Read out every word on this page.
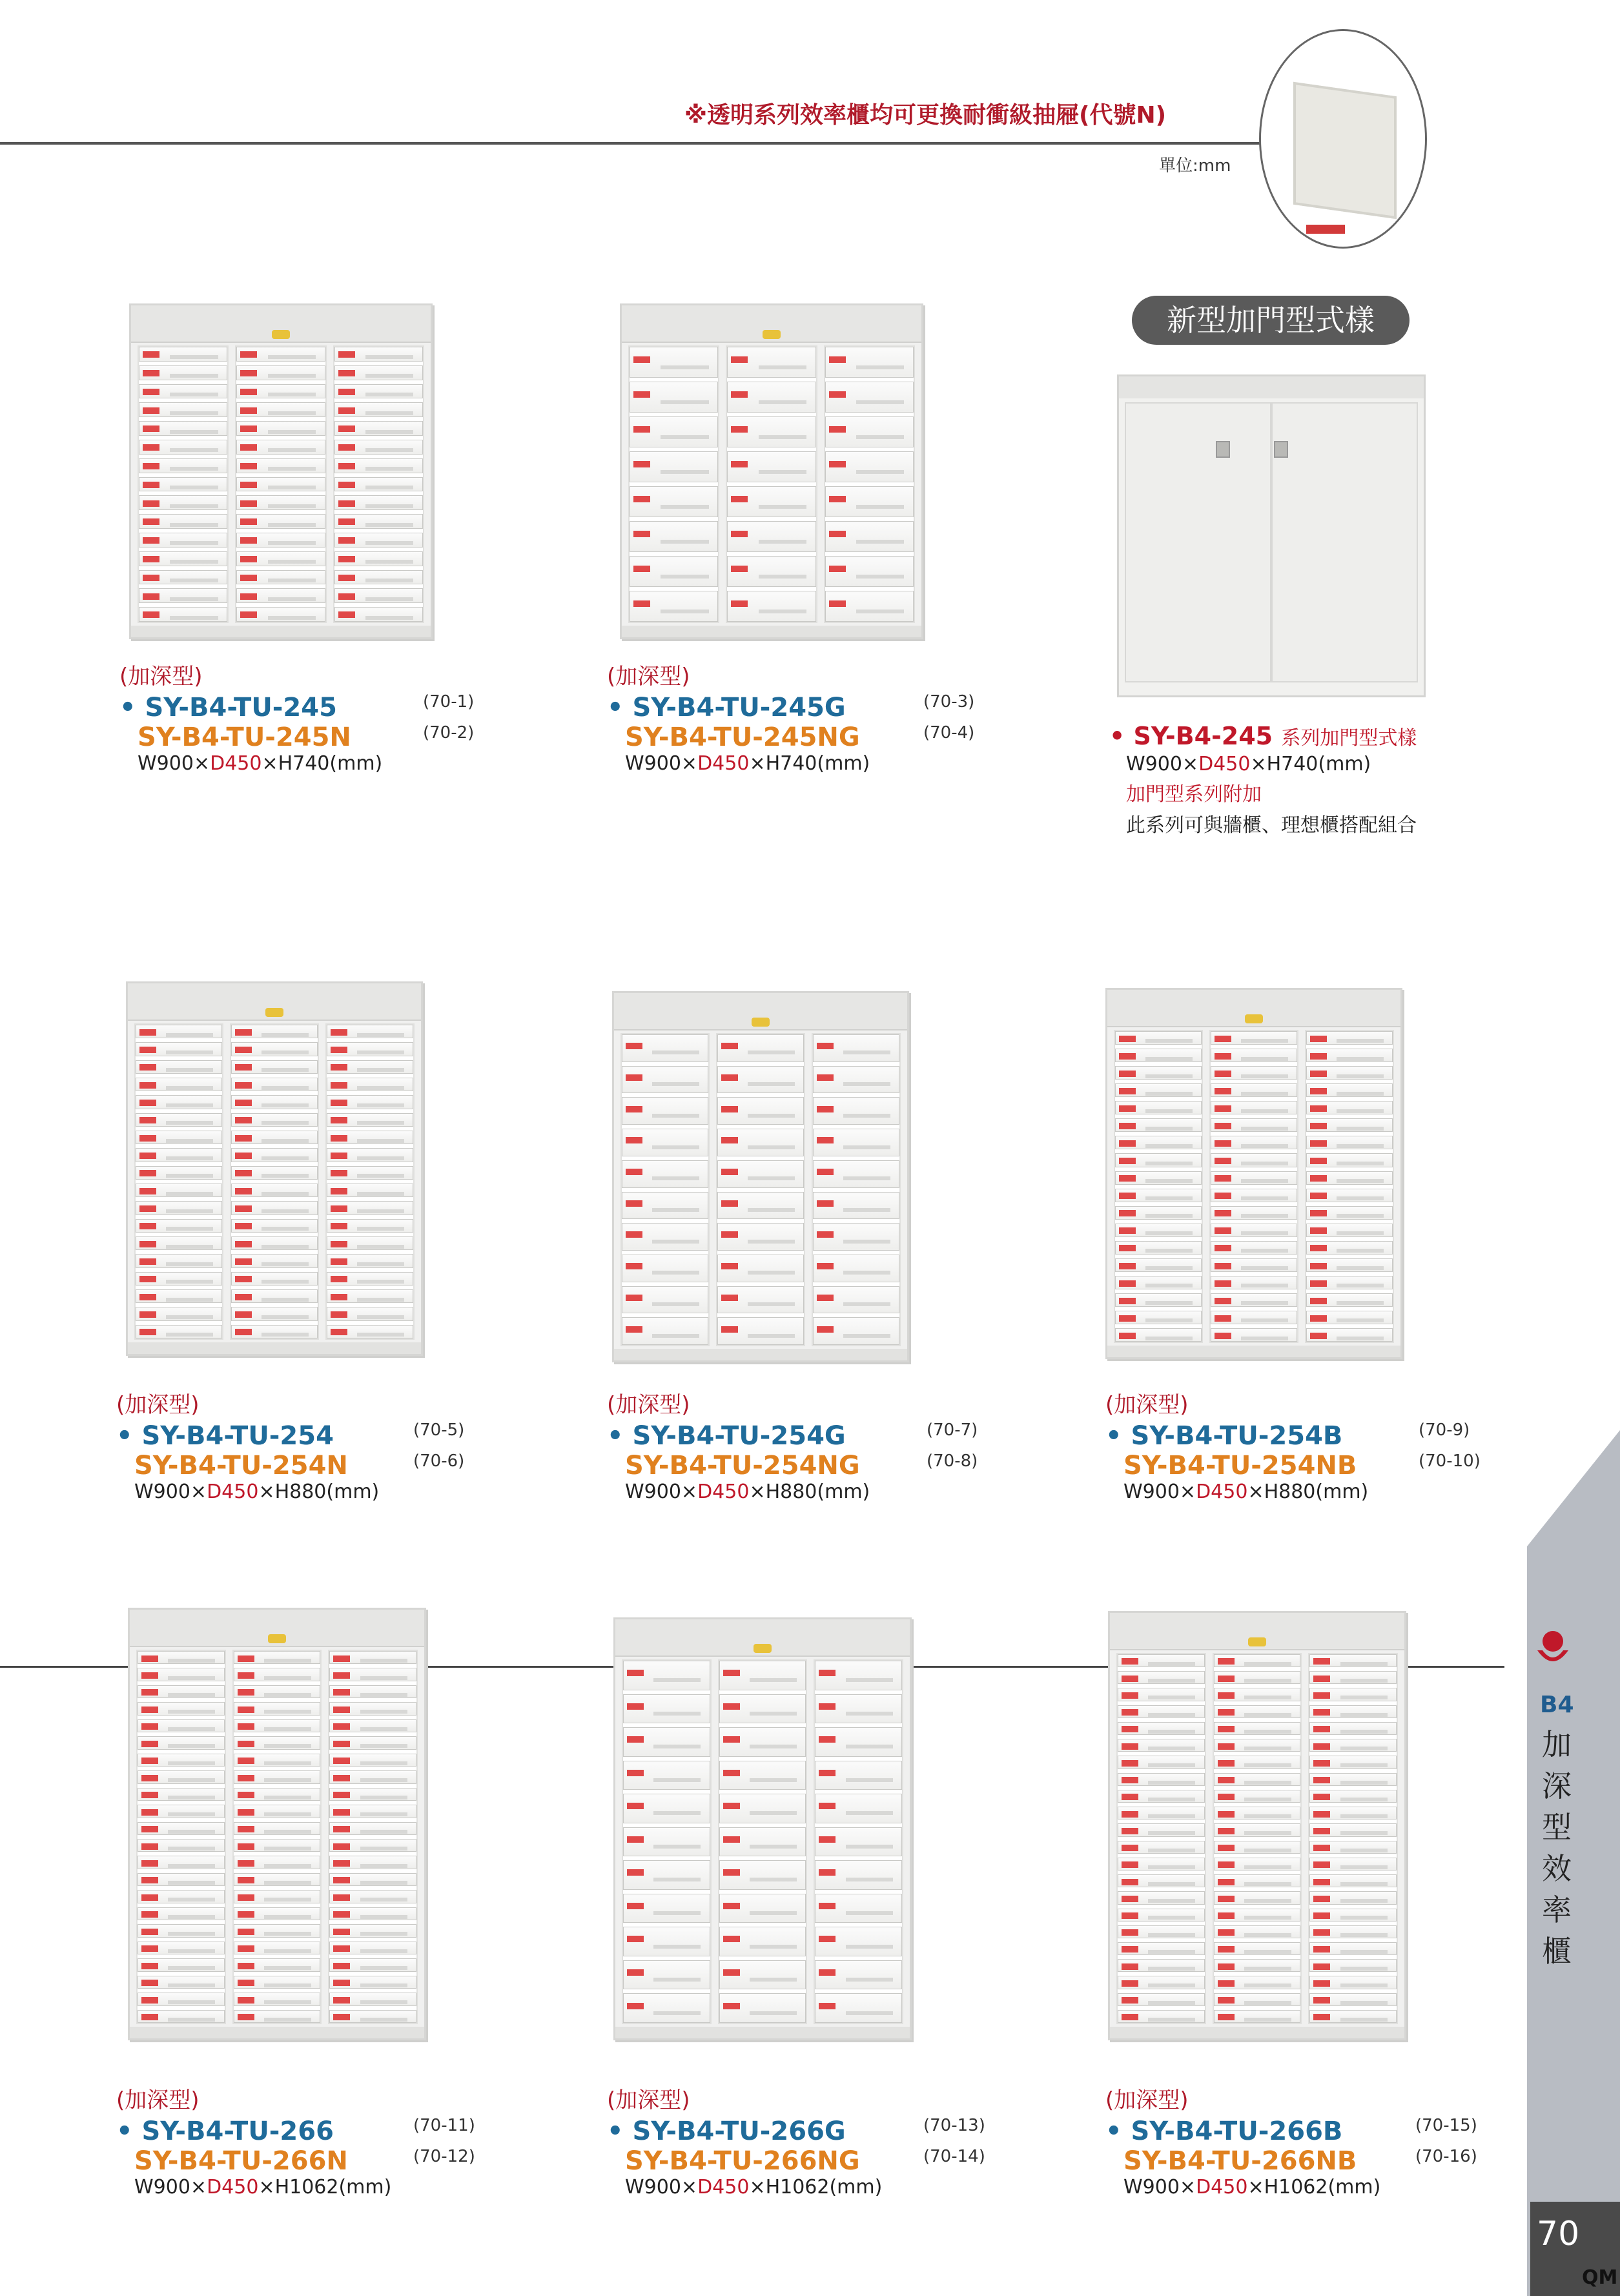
※透明系列效率櫃均可更換耐衝級抽屜(代號N)
單位:mm
新型加門型式樣
(加深型)
• SY-B4-TU-245
SY-B4-TU-245N
W900×D450×H740(mm)
(70-1)
(70-2)
(加深型)
• SY-B4-TU-245G
SY-B4-TU-245NG
W900×D450×H740(mm)
(70-3)
(70-4)	• SY-B4-245 系列加門型式樣
W900×D450×H740(mm)
加門型系列附加
此系列可與牆櫃、理想櫃搭配組合
(加深型)
• SY-B4-TU-254
SY-B4-TU-254N
W900×D450×H880(mm)
(70-5)
(70-6)
(加深型)
• SY-B4-TU-254G
SY-B4-TU-254NG
W900×D450×H880(mm)
(70-7)
(70-8)
(加深型)
• SY-B4-TU-254B
SY-B4-TU-254NB
W900×D450×H880(mm)
(70-9)
(70-10)
(加深型)
• SY-B4-TU-266
SY-B4-TU-266N
W900×D450×H1062(mm)
(70-11)
(70-12)
(加深型)
• SY-B4-TU-266G
SY-B4-TU-266NG
W900×D450×H1062(mm)
(70-13)
(70-14)
(加深型)
• SY-B4-TU-266B
SY-B4-TU-266NB
W900×D450×H1062(mm)
(70-15)
(70-16)
B4
加深型效率櫃
70
QM
